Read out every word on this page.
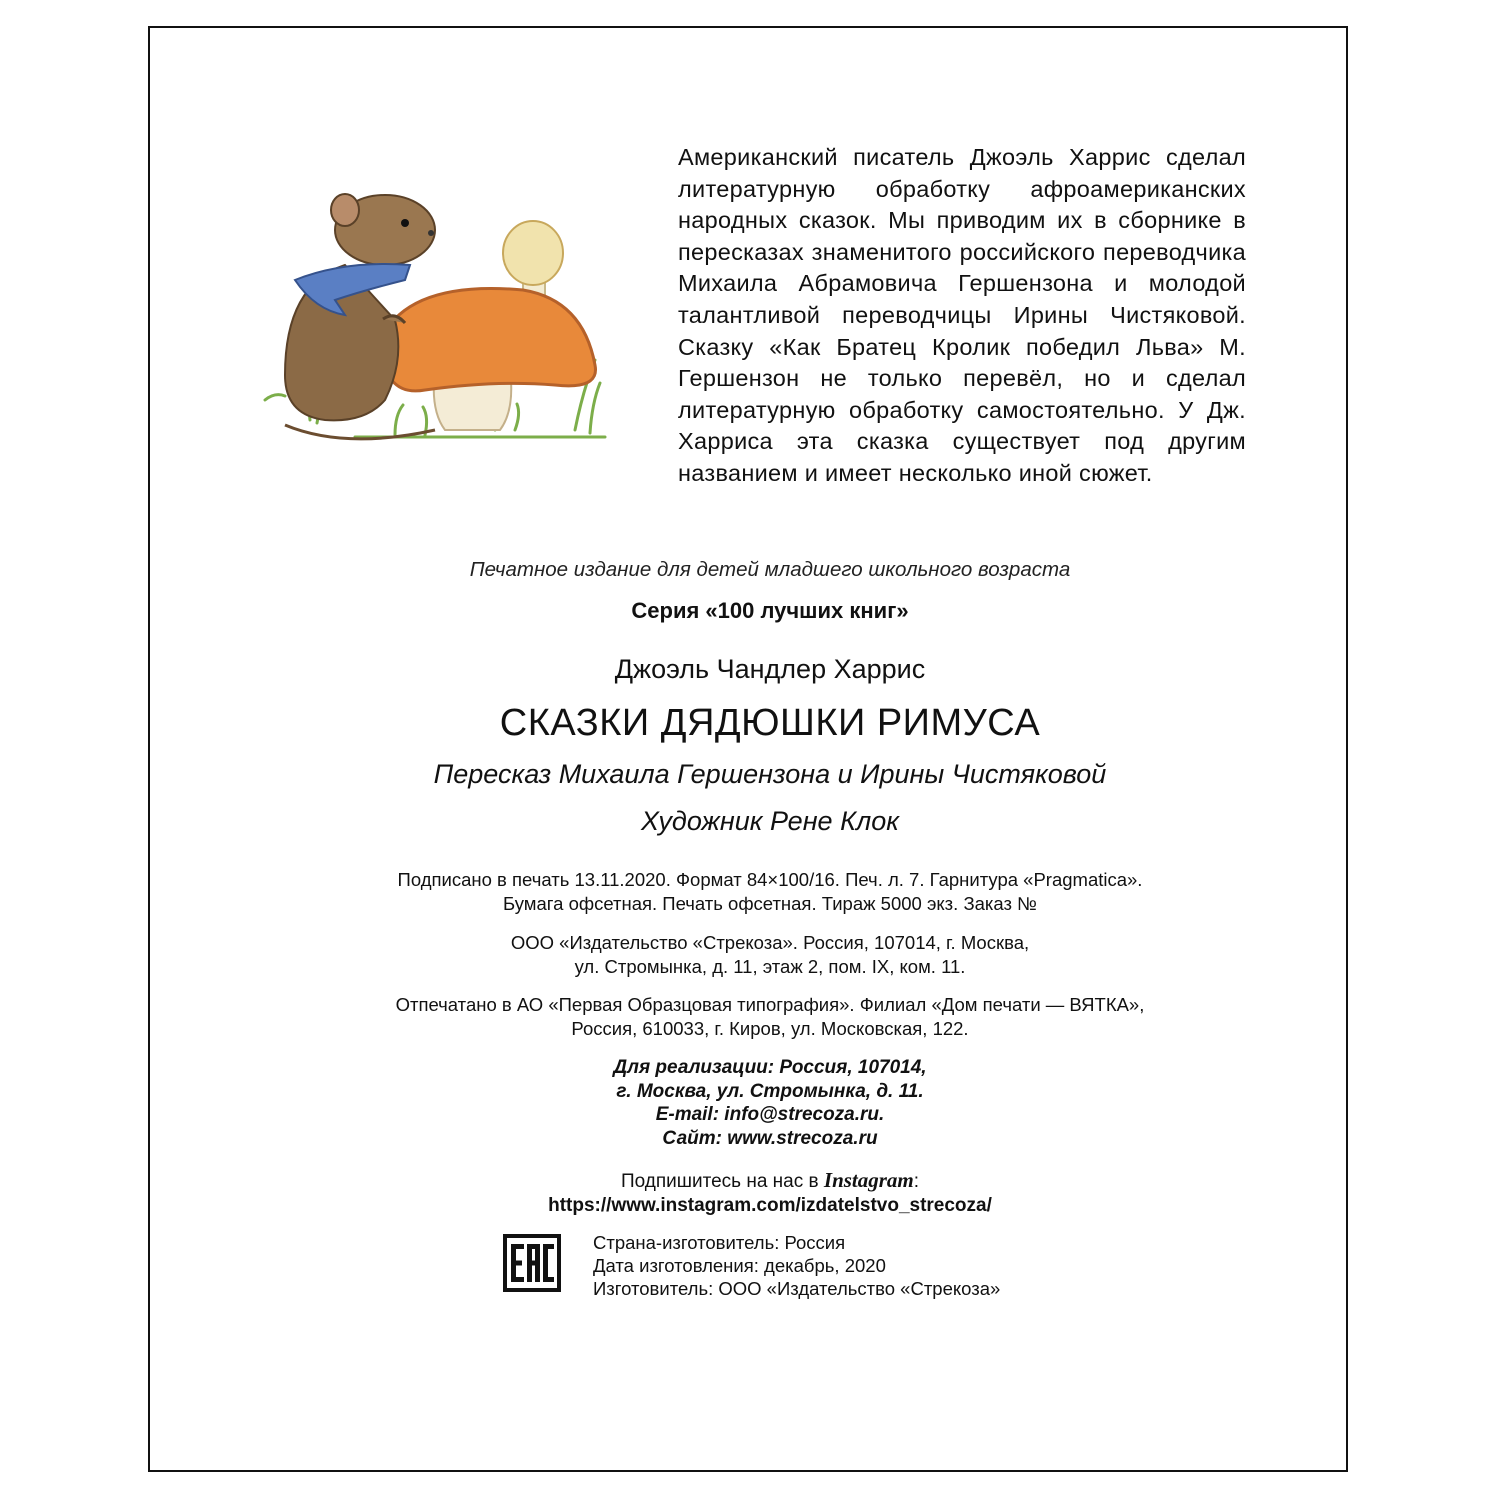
Американский писатель Джоэль Харрис сделал литературную обработку афроамериканских народных сказок. Мы приводим их в сборнике в пересказах знаменитого российского переводчика Михаила Абрамовича Гершензона и молодой талантливой переводчицы Ирины Чистяковой. Сказку «Как Братец Кролик победил Льва» М. Гершензон не только перевёл, но и сделал литературную обработку самостоятельно. У Дж. Харриса эта сказка существует под другим названием и имеет несколько иной сюжет.

Печатное издание для детей младшего школьного возраста

Серия «100 лучших книг»

Джоэль Чандлер Харрис

СКАЗКИ ДЯДЮШКИ РИМУСА

Пересказ Михаила Гершензона и Ирины Чистяковой

Художник Рене Клок

Подписано в печать 13.11.2020. Формат 84×100/16. Печ. л. 7. Гарнитура «Pragmatica».
Бумага офсетная. Печать офсетная. Тираж 5000 экз. Заказ №
ООО «Издательство «Стрекоза». Россия, 107014, г. Москва,
ул. Стромынка, д. 11, этаж 2, пом. IX, ком. 11.
Отпечатано в АО «Первая Образцовая типография». Филиал «Дом печати — ВЯТКА»,
Россия, 610033, г. Киров, ул. Московская, 122.
Для реализации: Россия, 107014,
г. Москва, ул. Стромынка, д. 11.
E-mail: info@strecoza.ru.
Сайт: www.strecoza.ru
Подпишитесь на нас в Instagram:
https://www.instagram.com/izdatelstvo_strecoza/
Страна-изготовитель: Россия
Дата изготовления: декабрь, 2020
Изготовитель: ООО «Издательство «Стрекоза»
